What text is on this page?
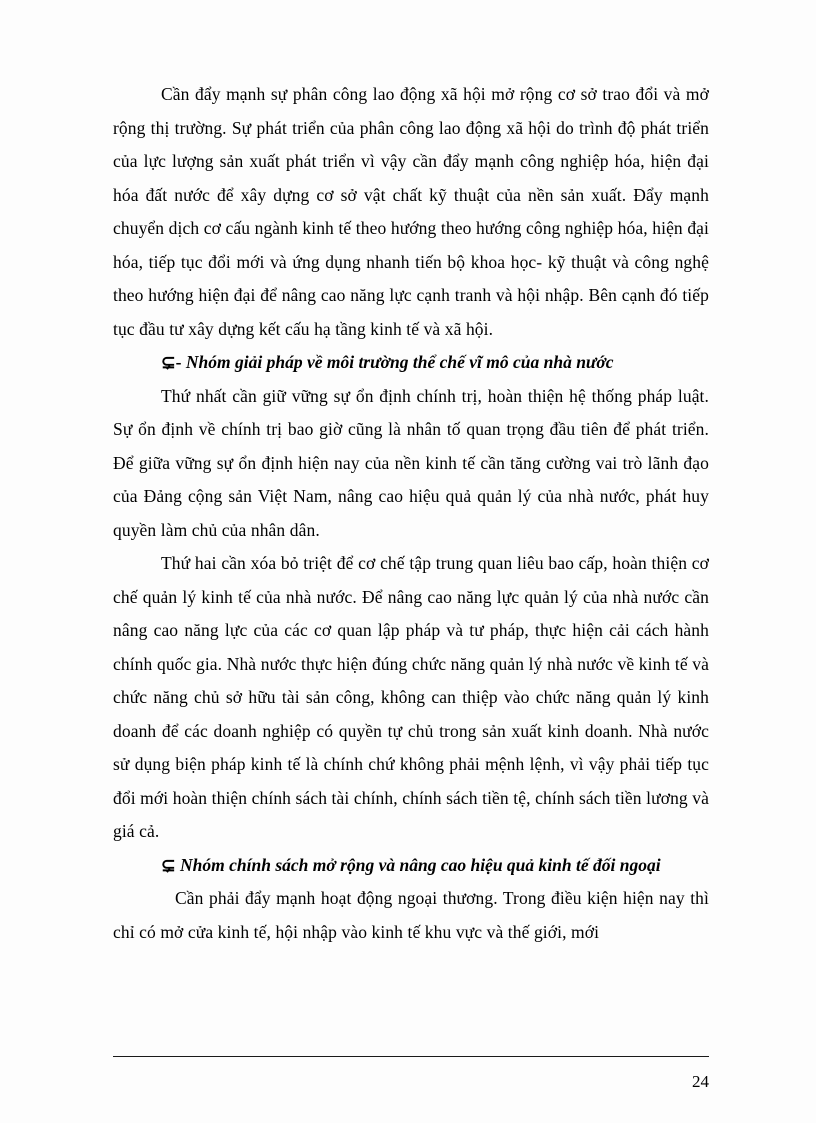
Cần đẩy mạnh sự phân công lao động xã hội mở rộng cơ sở trao đổi và mở rộng thị trường. Sự phát triển của phân công lao động xã hội do trình độ phát triển của lực lượng sản xuất phát triển vì vậy cần đẩy mạnh công nghiệp hóa, hiện đại hóa đất nước để xây dựng cơ sở vật chất kỹ thuật của nền sản xuất. Đẩy mạnh chuyển dịch cơ cấu ngành kinh tế theo hướng theo hướng công nghiệp hóa, hiện đại hóa, tiếp tục đổi mới và ứng dụng nhanh tiến bộ khoa học- kỹ thuật và công nghệ theo hướng hiện đại để nâng cao năng lực cạnh tranh và hội nhập. Bên cạnh đó tiếp tục đầu tư xây dựng kết cấu hạ tầng kinh tế và xã hội.

⊊- Nhóm giải pháp về môi trường thể chế vĩ mô của nhà nước

Thứ nhất cần giữ vững sự ổn định chính trị, hoàn thiện hệ thống pháp luật. Sự ổn định về chính trị bao giờ cũng là nhân tố quan trọng đầu tiên để phát triển. Để giữa vững sự ổn định hiện nay của nền kinh tế cần tăng cường vai trò lãnh đạo của Đảng cộng sản Việt Nam, nâng cao hiệu quả quản lý của nhà nước, phát huy quyền làm chủ của nhân dân.

Thứ hai cần xóa bỏ triệt để cơ chế tập trung quan liêu bao cấp, hoàn thiện cơ chế quản lý kinh tế của nhà nước. Để nâng cao năng lực quản lý của nhà nước cần nâng cao năng lực của các cơ quan lập pháp và tư pháp, thực hiện cải cách hành chính quốc gia. Nhà nước thực hiện đúng chức năng quản lý nhà nước về kinh tế và chức năng chủ sở hữu tài sản công, không can thiệp vào chức năng quản lý kinh doanh để các doanh nghiệp có quyền tự chủ trong sản xuất kinh doanh. Nhà nước sử dụng biện pháp kinh tế là chính chứ không phải mệnh lệnh, vì vậy phải tiếp tục đổi mới hoàn thiện chính sách tài chính, chính sách tiền tệ, chính sách tiền lương và giá cả.

⊊ Nhóm chính sách mở rộng và nâng cao hiệu quả kinh tế đối ngoại

Cần phải đẩy mạnh hoạt động ngoại thương. Trong điều kiện hiện nay thì chỉ có mở cửa kinh tế, hội nhập vào kinh tế khu vực và thế giới, mới

24
